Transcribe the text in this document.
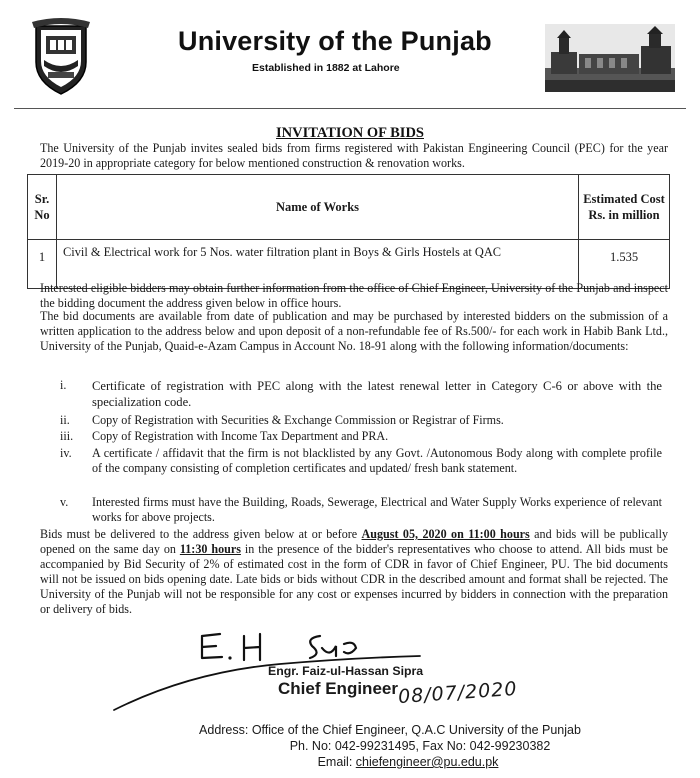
University of the Punjab
Established in 1882 at Lahore
INVITATION OF BIDS
The University of the Punjab invites sealed bids from firms registered with Pakistan Engineering Council (PEC) for the year 2019-20 in appropriate category for below mentioned construction & renovation works.
Sr. No	Name of Works	Estimated Cost Rs. in million
1	Civil & Electrical work for 5 Nos. water filtration plant in Boys & Girls Hostels at QAC	1.535
Interested eligible bidders may obtain further information from the office of Chief Engineer, University of the Punjab and inspect the bidding document the address given below in office hours.
The bid documents are available from date of publication and may be purchased by interested bidders on the submission of a written application to the address below and upon deposit of a non-refundable fee of Rs.500/- for each work in Habib Bank Ltd., University of the Punjab, Quaid-e-Azam Campus in Account No. 18-91 along with the following information/documents:
i. Certificate of registration with PEC along with the latest renewal letter in Category C-6 or above with the specialization code.
ii. Copy of Registration with Securities & Exchange Commission or Registrar of Firms.
iii. Copy of Registration with Income Tax Department and PRA.
iv. A certificate / affidavit that the firm is not blacklisted by any Govt. /Autonomous Body along with complete profile of the company consisting of completion certificates and updated/ fresh bank statement.
v. Interested firms must have the Building, Roads, Sewerage, Electrical and Water Supply Works experience of relevant works for above projects.
Bids must be delivered to the address given below at or before August 05, 2020 on 11:00 hours and bids will be publically opened on the same day on 11:30 hours in the presence of the bidder's representatives who choose to attend. All bids must be accompanied by Bid Security of 2% of estimated cost in the form of CDR in favor of Chief Engineer, PU. The bid documents will not be issued on bids opening date. Late bids or bids without CDR in the described amount and format shall be rejected. The University of the Punjab will not be responsible for any cost or expenses incurred by bidders in connection with the preparation or delivery of bids.
Engr. Faiz-ul-Hassan Sipra
Chief Engineer 08/07/2020
Address: Office of the Chief Engineer, Q.A.C University of the Punjab
Ph. No: 042-99231495, Fax No: 042-99230382
Email: chiefengineer@pu.edu.pk
